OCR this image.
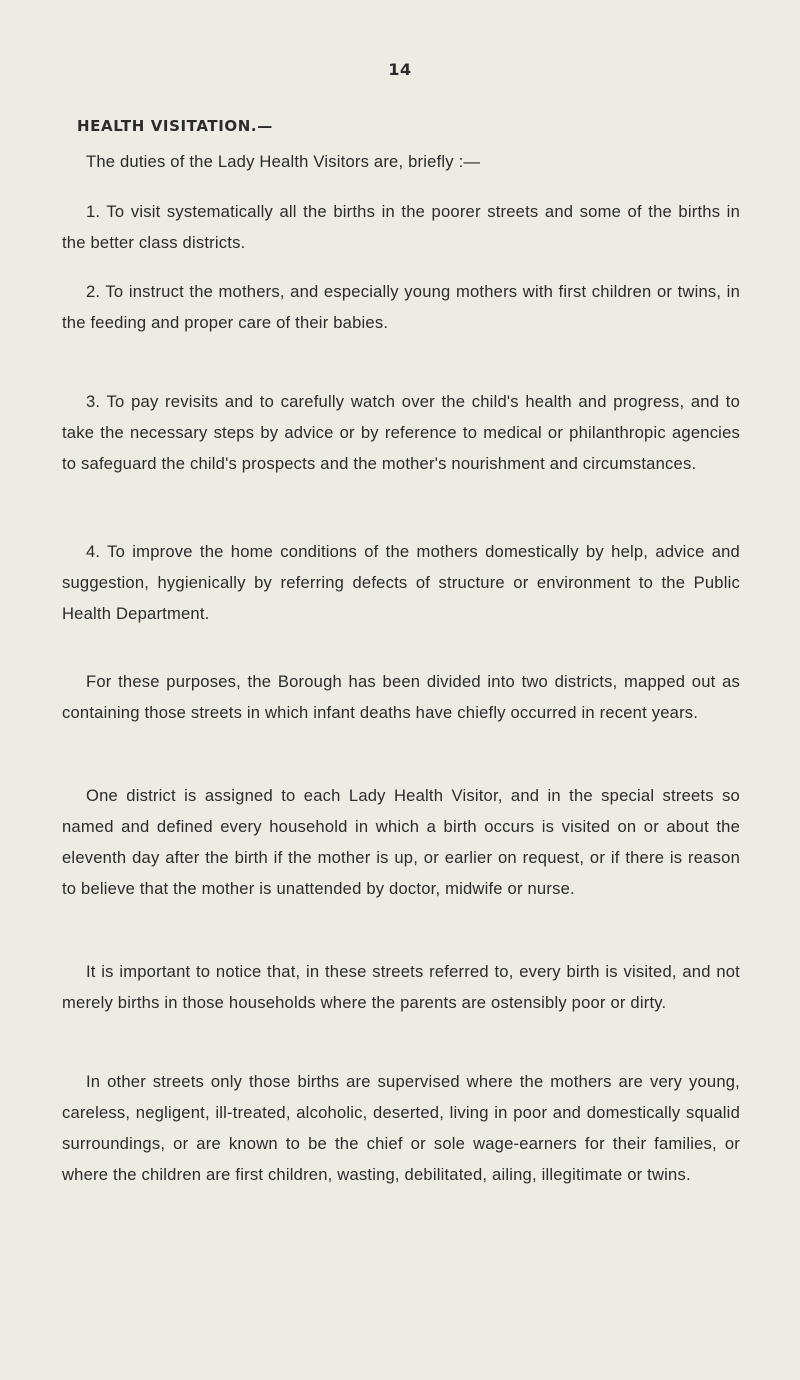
14
HEALTH VISITATION.—

The duties of the Lady Health Visitors are, briefly :—

1. To visit systematically all the births in the poorer streets and some of the births in the better class districts.

2. To instruct the mothers, and especially young mothers with first children or twins, in the feeding and proper care of their babies.

3. To pay revisits and to carefully watch over the child's health and progress, and to take the necessary steps by advice or by reference to medical or philanthropic agencies to safeguard the child's prospects and the mother's nourishment and circumstances.

4. To improve the home conditions of the mothers domestically by help, advice and suggestion, hygienically by referring defects of structure or environment to the Public Health Department.

For these purposes, the Borough has been divided into two districts, mapped out as containing those streets in which infant deaths have chiefly occurred in recent years.

One district is assigned to each Lady Health Visitor, and in the special streets so named and defined every household in which a birth occurs is visited on or about the eleventh day after the birth if the mother is up, or earlier on request, or if there is reason to believe that the mother is unattended by doctor, midwife or nurse.

It is important to notice that, in these streets referred to, every birth is visited, and not merely births in those households where the parents are ostensibly poor or dirty.

In other streets only those births are supervised where the mothers are very young, careless, negligent, ill-treated, alcoholic, deserted, living in poor and domestically squalid surroundings, or are known to be the chief or sole wage-earners for their families, or where the children are first children, wasting, debilitated, ailing, illegitimate or twins.
